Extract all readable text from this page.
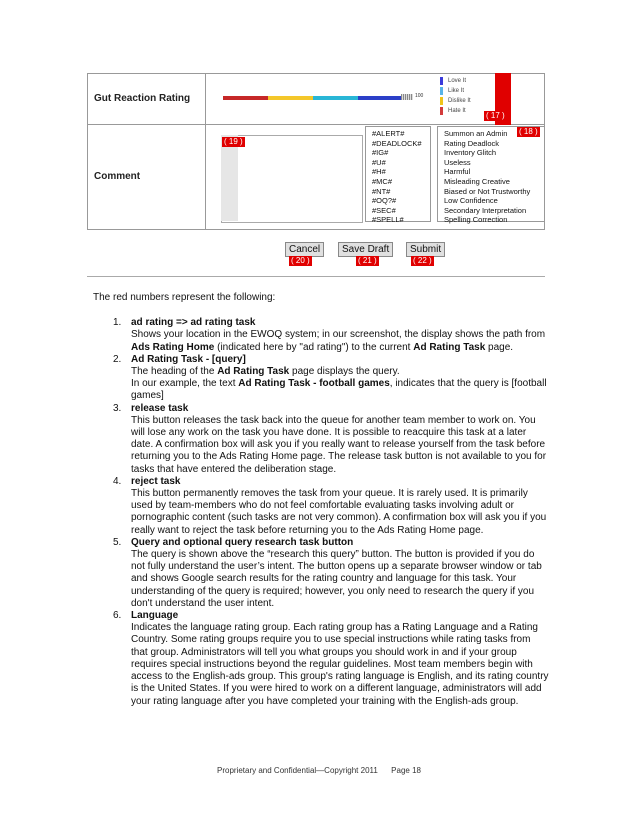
Gut Reaction Rating
Comment
100
Love It
Like It
Dislike It
Hate It	( 17 )
( 19 )
#ALERT#
#DEADLOCK#
#IG#
#U#
#H#
#MC#
#NT#
#OQ?#
#SEC#
#SPELL#
Summon an Admin
Rating Deadlock
Inventory Glitch
Useless
Harmful
Misleading Creative
Biased or Not Trustworthy
Low Confidence
Secondary Interpretation
Spelling Correction
( 18 )
Cancel
( 20 )
Save Draft
( 21 )
Submit
( 22 )
The red numbers represent the following:
1. ad rating => ad rating task
Shows your location in the EWOQ system; in our screenshot, the display shows the path from Ads Rating Home (indicated here by "ad rating") to the current Ad Rating Task page.
2. Ad Rating Task - [query]
The heading of the Ad Rating Task page displays the query.
In our example, the text Ad Rating Task - football games, indicates that the query is [football games]
3. release task
This button releases the task back into the queue for another team member to work on. You will lose any work on the task you have done. It is possible to reacquire this task at a later date. A confirmation box will ask you if you really want to release yourself from the task before returning you to the Ads Rating Home page. The release task button is not available to you for tasks that have entered the deliberation stage.
4. reject task
This button permanently removes the task from your queue. It is rarely used. It is primarily used by team-members who do not feel comfortable evaluating tasks involving adult or pornographic content (such tasks are not very common). A confirmation box will ask you if you really want to reject the task before returning you to the Ads Rating Home page.
5. Query and optional query research task button
The query is shown above the “research this query” button. The button is provided if you do not fully understand the user’s intent. The button opens up a separate browser window or tab and shows Google search results for the rating country and language for this task. Your understanding of the query is required; however, you only need to research the query if you don't understand the user intent.
6. Language
Indicates the language rating group. Each rating group has a Rating Language and a Rating Country. Some rating groups require you to use special instructions while rating tasks from that group. Administrators will tell you what groups you should work in and if your group requires special instructions beyond the regular guidelines. Most team members begin with access to the English-ads group. This group's rating language is English, and its rating country is the United States. If you were hired to work on a different language, administrators will add your rating language after you have completed your training with the English-ads group.
Proprietary and Confidential—Copyright 2011      Page 18
